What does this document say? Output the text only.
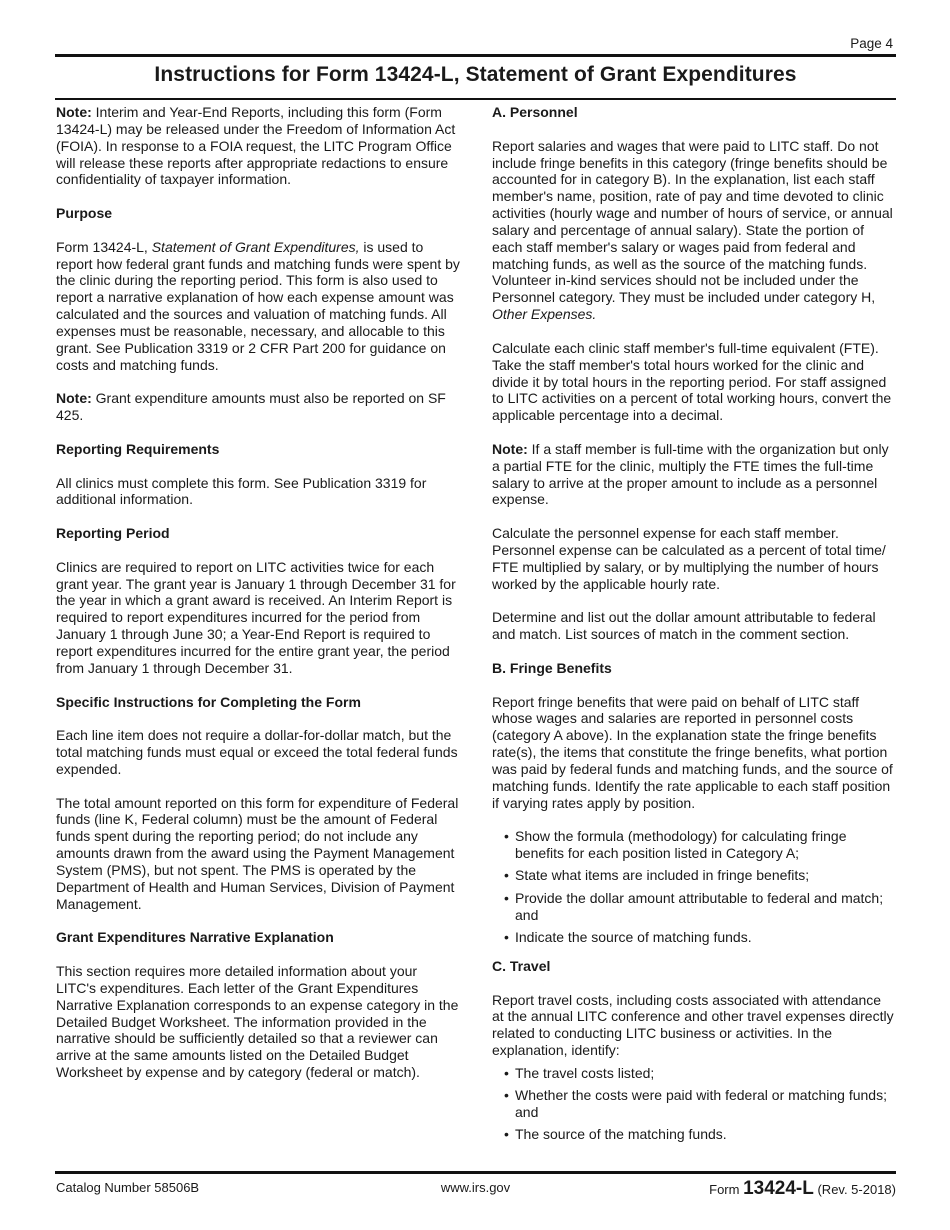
Page 4
Instructions for Form 13424-L, Statement of Grant Expenditures

Note: Interim and Year-End Reports, including this form (Form 13424-L) may be released under the Freedom of Information Act (FOIA). In response to a FOIA request, the LITC Program Office will release these reports after appropriate redactions to ensure confidentiality of taxpayer information.

Purpose

Form 13424-L, Statement of Grant Expenditures, is used to report how federal grant funds and matching funds were spent by the clinic during the reporting period. This form is also used to report a narrative explanation of how each expense amount was calculated and the sources and valuation of matching funds. All expenses must be reasonable, necessary, and allocable to this grant. See Publication 3319 or 2 CFR Part 200 for guidance on costs and matching funds.

Note: Grant expenditure amounts must also be reported on SF 425.

Reporting Requirements

All clinics must complete this form. See Publication 3319 for additional information.

Reporting Period

Clinics are required to report on LITC activities twice for each grant year. The grant year is January 1 through December 31 for the year in which a grant award is received. An Interim Report is required to report expenditures incurred for the period from January 1 through June 30; a Year-End Report is required to report expenditures incurred for the entire grant year, the period from January 1 through December 31.

Specific Instructions for Completing the Form

Each line item does not require a dollar-for-dollar match, but the total matching funds must equal or exceed the total federal funds expended.

The total amount reported on this form for expenditure of Federal funds (line K, Federal column) must be the amount of Federal funds spent during the reporting period; do not include any amounts drawn from the award using the Payment Management System (PMS), but not spent. The PMS is operated by the Department of Health and Human Services, Division of Payment Management.

Grant Expenditures Narrative Explanation

This section requires more detailed information about your LITC's expenditures. Each letter of the Grant Expenditures Narrative Explanation corresponds to an expense category in the Detailed Budget Worksheet. The information provided in the narrative should be sufficiently detailed so that a reviewer can arrive at the same amounts listed on the Detailed Budget Worksheet by expense and by category (federal or match).

A. Personnel

Report salaries and wages that were paid to LITC staff. Do not include fringe benefits in this category (fringe benefits should be accounted for in category B). In the explanation, list each staff member's name, position, rate of pay and time devoted to clinic activities (hourly wage and number of hours of service, or annual salary and percentage of annual salary). State the portion of each staff member's salary or wages paid from federal and matching funds, as well as the source of the matching funds. Volunteer in-kind services should not be included under the Personnel category. They must be included under category H, Other Expenses.

Calculate each clinic staff member's full-time equivalent (FTE). Take the staff member's total hours worked for the clinic and divide it by total hours in the reporting period. For staff assigned to LITC activities on a percent of total working hours, convert the applicable percentage into a decimal.

Note: If a staff member is full-time with the organization but only a partial FTE for the clinic, multiply the FTE times the full-time salary to arrive at the proper amount to include as a personnel expense.

Calculate the personnel expense for each staff member. Personnel expense can be calculated as a percent of total time/ FTE multiplied by salary, or by multiplying the number of hours worked by the applicable hourly rate.

Determine and list out the dollar amount attributable to federal and match. List sources of match in the comment section.

B. Fringe Benefits

Report fringe benefits that were paid on behalf of LITC staff whose wages and salaries are reported in personnel costs (category A above). In the explanation state the fringe benefits rate(s), the items that constitute the fringe benefits, what portion was paid by federal funds and matching funds, and the source of matching funds. Identify the rate applicable to each staff position if varying rates apply by position.

• Show the formula (methodology) for calculating fringe benefits for each position listed in Category A;
• State what items are included in fringe benefits;
• Provide the dollar amount attributable to federal and match; and
• Indicate the source of matching funds.
C. Travel

Report travel costs, including costs associated with attendance at the annual LITC conference and other travel expenses directly related to conducting LITC business or activities. In the explanation, identify:

• The travel costs listed;
• Whether the costs were paid with federal or matching funds; and
• The source of the matching funds.
Catalog Number 58506B	www.irs.gov	Form 13424-L (Rev. 5-2018)
